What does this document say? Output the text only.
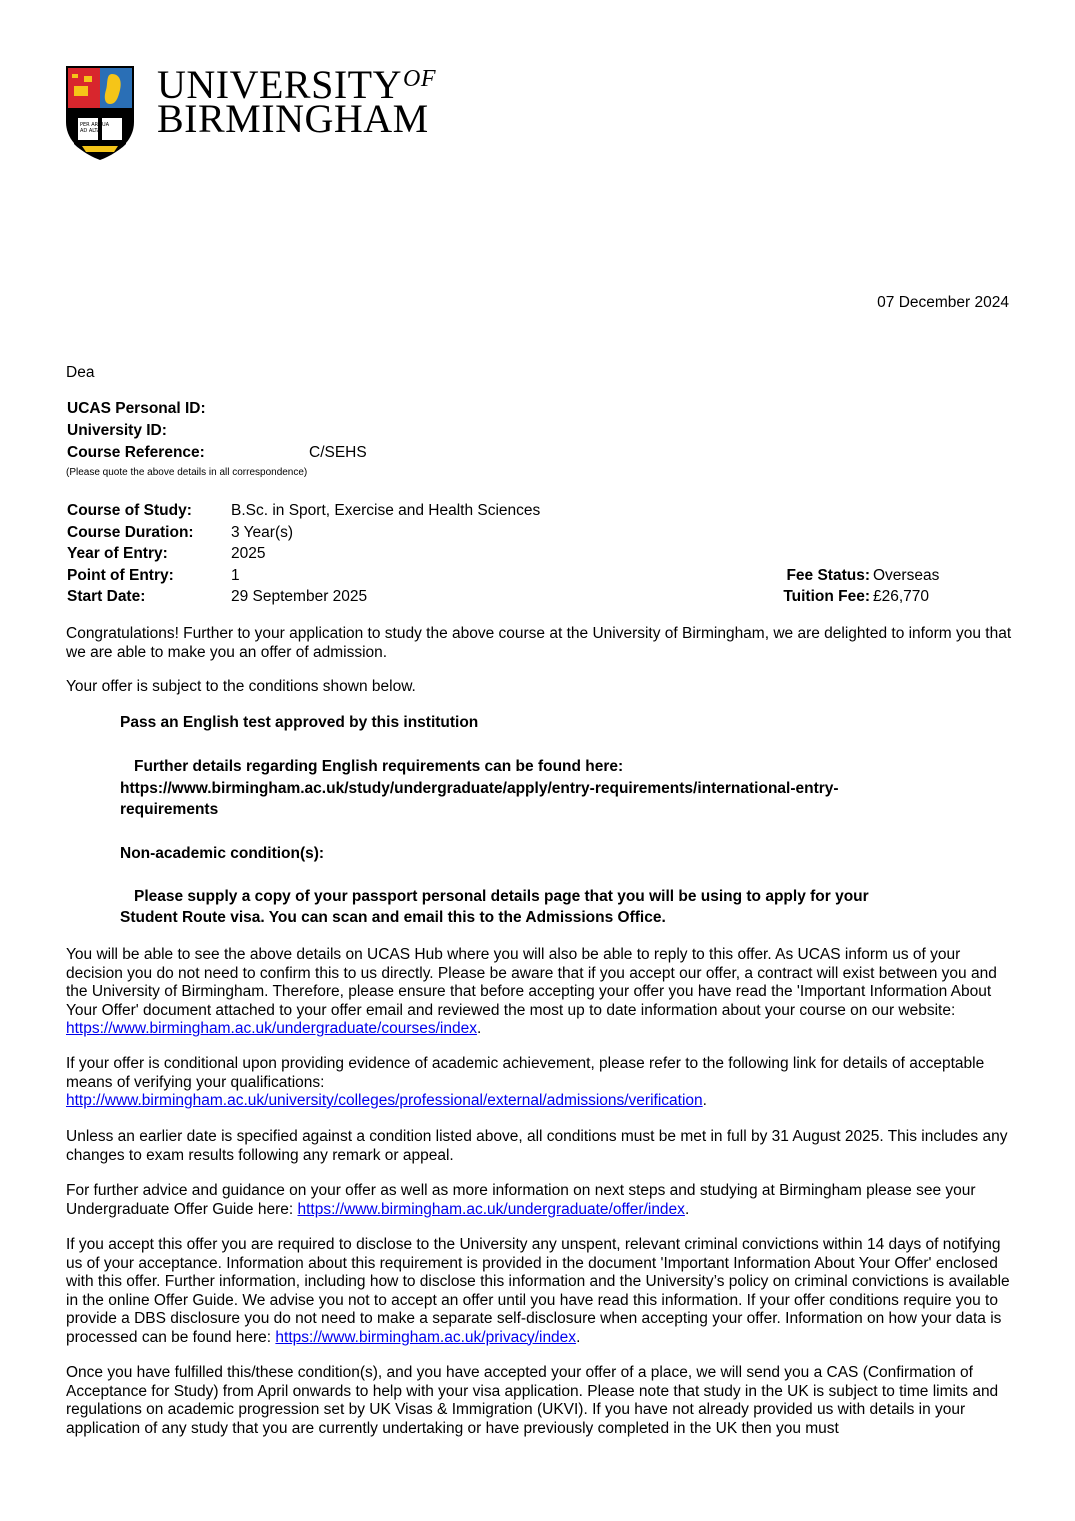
PER ARDUA
AD ALTA
$UNIVERSITY^{OF}$
BIRMINGHAM
07 December 2024
Dea
UCAS Personal ID:
University ID:
Course Reference:	C/SEHS
(Please quote the above details in all correspondence)
Course of Study:	B.Sc. in Sport, Exercise and Health Sciences
Course Duration: 3 Year(s)
Year of Entry:	2025
Point of Entry:	1
Start Date:	29 September 2025
Fee Status: Overseas
Tuition Fee: £26,770
Congratulations! Further to your application to study the above course at the University of Birmingham, we are delighted to inform you that we are able to make you an offer of admission.
Your offer is subject to the conditions shown below.
Pass an English test approved by this institution
Further details regarding English requirements can be found here:
https://www.birmingham.ac.uk/study/undergraduate/apply/entry-requirements/international-entry-
requirements
Non-academic condition(s):
Please supply a copy of your passport personal details page that you will be using to apply for your
Student Route visa. You can scan and email this to the Admissions Office.
You will be able to see the above details on UCAS Hub where you will also be able to reply to this offer. As UCAS inform us of your decision you do not need to confirm this to us directly. Please be aware that if you accept our offer, a contract will exist between you and the University of Birmingham. Therefore, please ensure that before accepting your offer you have read the 'Important Information About Your Offer' document attached to your offer email and reviewed the most up to date information about your course on our website: https://www.birmingham.ac.uk/undergraduate/courses/index.
If your offer is conditional upon providing evidence of academic achievement, please refer to the following link for details of acceptable means of verifying your qualifications:
http://www.birmingham.ac.uk/university/colleges/professional/external/admissions/verification.
Unless an earlier date is specified against a condition listed above, all conditions must be met in full by 31 August 2025. This includes any changes to exam results following any remark or appeal.
For further advice and guidance on your offer as well as more information on next steps and studying at Birmingham please see your Undergraduate Offer Guide here: https://www.birmingham.ac.uk/undergraduate/offer/index.
If you accept this offer you are required to disclose to the University any unspent, relevant criminal convictions within 14 days of notifying us of your acceptance. Information about this requirement is provided in the document 'Important Information About Your Offer' enclosed with this offer. Further information, including how to disclose this information and the University’s policy on criminal convictions is available in the online Offer Guide. We advise you not to accept an offer until you have read this information. If your offer conditions require you to provide a DBS disclosure you do not need to make a separate self-disclosure when accepting your offer. Information on how your data is processed can be found here: https://www.birmingham.ac.uk/privacy/index.
Once you have fulfilled this/these condition(s), and you have accepted your offer of a place, we will send you a CAS (Confirmation of Acceptance for Study) from April onwards to help with your visa application. Please note that study in the UK is subject to time limits and regulations on academic progression set by UK Visas & Immigration (UKVI). If you have not already provided us with details in your application of any study that you are currently undertaking or have previously completed in the UK then you must
